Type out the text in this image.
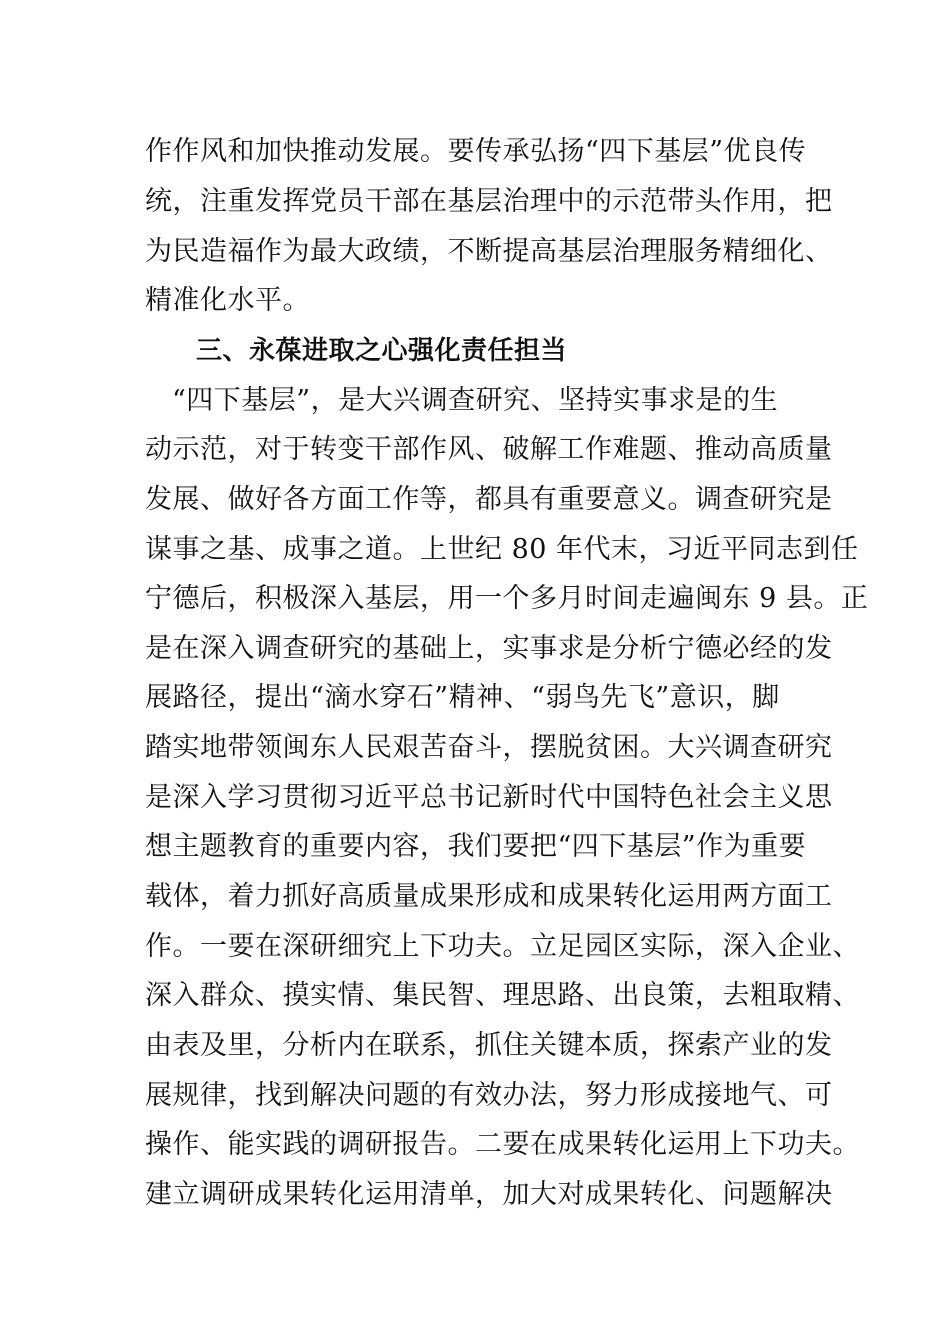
作作风和加快推动发展。要传承弘扬“四下基层”优良传
统，注重发挥党员干部在基层治理中的示范带头作用，把
为民造福作为最大政绩，不断提高基层治理服务精细化、
精准化水平。
三、永葆进取之心强化责任担当
“四下基层”，是大兴调查研究、坚持实事求是的生
动示范，对于转变干部作风、破解工作难题、推动高质量
发展、做好各方面工作等，都具有重要意义。调查研究是
谋事之基、成事之道。上世纪 80 年代末，习近平同志到任
宁德后，积极深入基层，用一个多月时间走遍闽东 9 县。正
是在深入调查研究的基础上，实事求是分析宁德必经的发
展路径，提出“滴水穿石”精神、“弱鸟先飞”意识，脚
踏实地带领闽东人民艰苦奋斗，摆脱贫困。大兴调查研究
是深入学习贯彻习近平总书记新时代中国特色社会主义思
想主题教育的重要内容，我们要把“四下基层”作为重要
载体，着力抓好高质量成果形成和成果转化运用两方面工
作。一要在深研细究上下功夫。立足园区实际，深入企业、
深入群众、摸实情、集民智、理思路、出良策，去粗取精、
由表及里，分析内在联系，抓住关键本质，探索产业的发
展规律，找到解决问题的有效办法，努力形成接地气、可
操作、能实践的调研报告。二要在成果转化运用上下功夫。
建立调研成果转化运用清单，加大对成果转化、问题解决
